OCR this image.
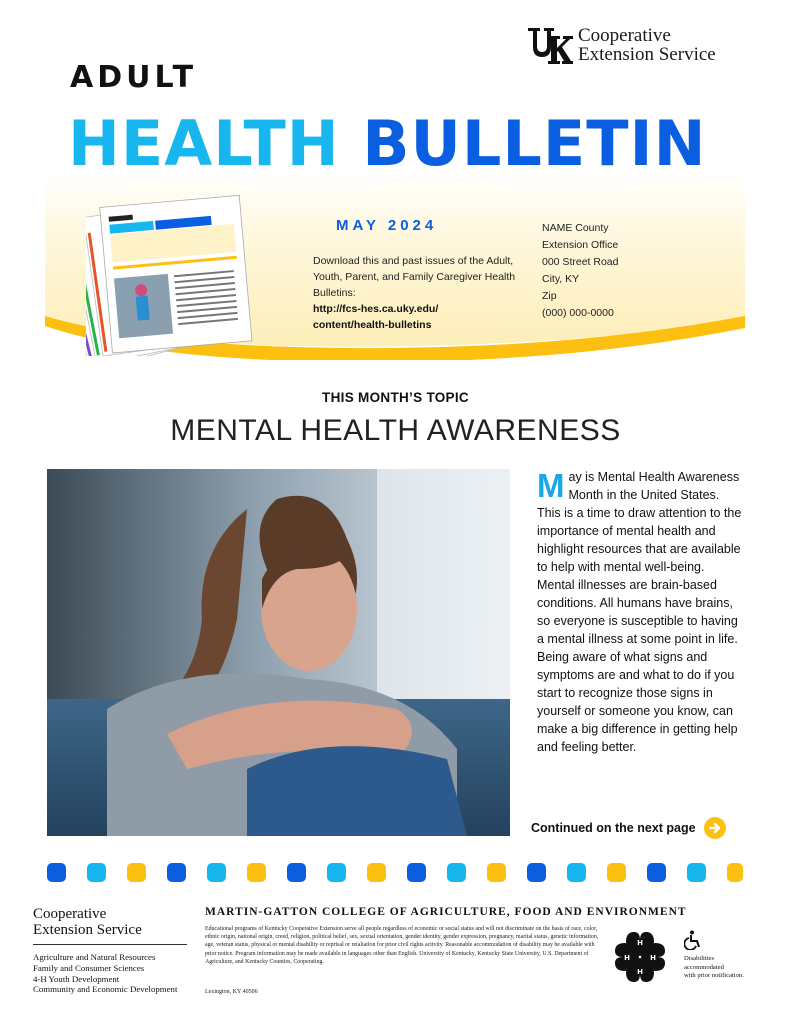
Cooperative
Extension Service
ADULT
HEALTH BULLETIN
MAY 2024
Download this and past issues of the Adult, Youth, Parent, and Family Caregiver Health Bulletins:
http://fcs-hes.ca.uky.edu/
content/health-bulletins
NAME County
Extension Office
000 Street Road
City, KY
Zip
(000) 000-0000
THIS MONTH’S TOPIC
MENTAL HEALTH AWARENESS
M ay is Mental Health Awareness Month in the United States. This is a time to draw attention to the importance of mental health and highlight resources that are available to help with mental well-being. Mental illnesses are brain-based conditions. All humans have brains, so everyone is susceptible to having a mental illness at some point in life. Being aware of what signs and symptoms are and what to do if you start to recognize those signs in yourself or someone you know, can make a big difference in getting help and feeling better.
Continued on the next page
Cooperative
Extension Service
Agriculture and Natural Resources
Family and Consumer Sciences
4-H Youth Development
Community and Economic Development
MARTIN-GATTON COLLEGE OF AGRICULTURE, FOOD AND ENVIRONMENT
Educational programs of Kentucky Cooperative Extension serve all people regardless of economic or social status and will not discriminate on the basis of race, color, ethnic origin, national origin, creed, religion, political belief, sex, sexual orientation, gender identity, gender expression, pregnancy, marital status, genetic information, age, veteran status, physical or mental disability or reprisal or retaliation for prior civil rights activity. Reasonable accommodation of disability may be available with prior notice. Program information may be made available in languages other than English. University of Kentucky, Kentucky State University, U.S. Department of Agriculture, and Kentucky Counties, Cooperating.
Lexington, KY 40506
H
H
H
H	Disabilities
accommodated
with prior notification.
